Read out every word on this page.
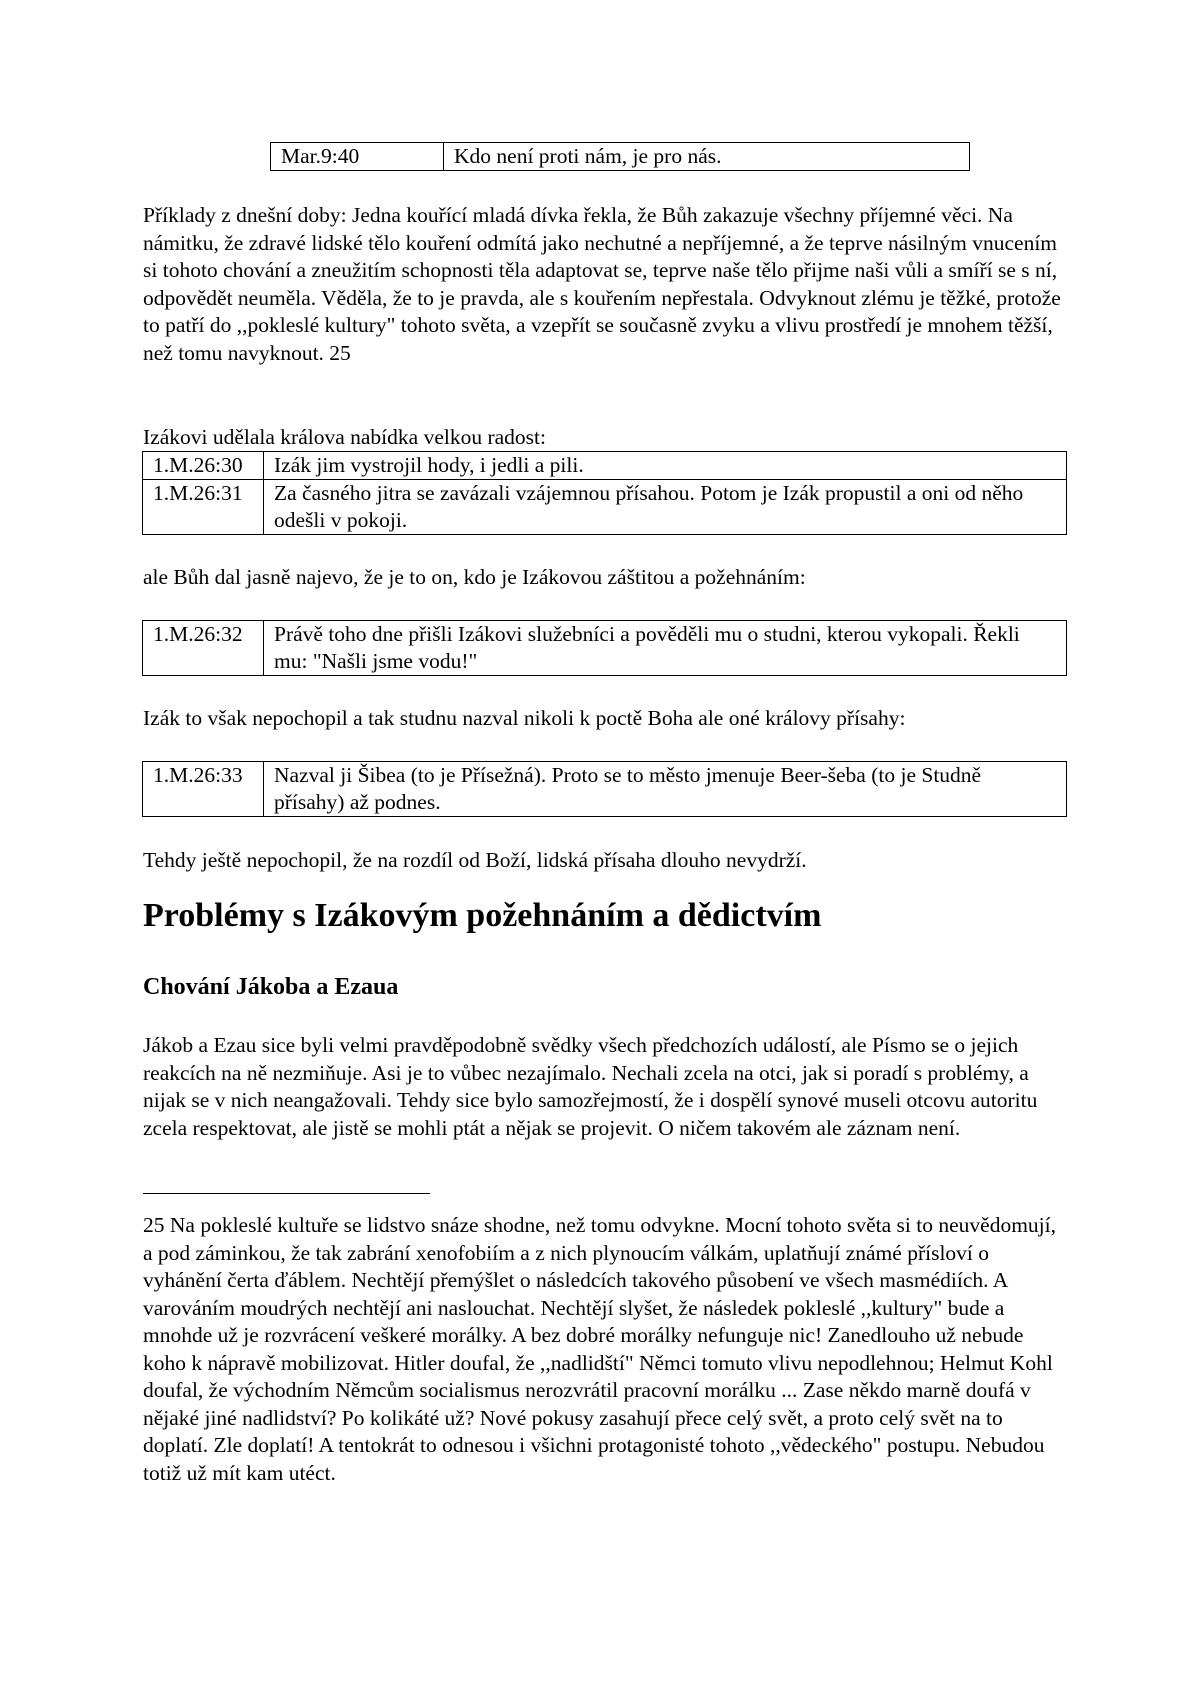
Mar.9:40	Kdo není proti nám, je pro nás.

Příklady z dnešní doby: Jedna kouřící mladá dívka řekla, že Bůh zakazuje všechny příjemné věci. Na námitku, že zdravé lidské tělo kouření odmítá jako nechutné a nepříjemné, a že teprve násilným vnucením si tohoto chování a zneužitím schopnosti těla adaptovat se, teprve naše tělo přijme naši vůli a smíří se s ní, odpovědět neuměla. Věděla, že to je pravda, ale s kouřením nepřestala. Odvyknout zlému je těžké, protože to patří do ,,pokleslé kultury" tohoto světa, a vzepřít se současně zvyku a vlivu prostředí je mnohem těžší, než tomu navyknout. 25

Izákovi udělala králova nabídka velkou radost:

1.M.26:30	Izák jim vystrojil hody, i jedli a pili.
1.M.26:31	Za časného jitra se zavázali vzájemnou přísahou. Potom je Izák propustil a oni od něho odešli v pokoji.

ale Bůh dal jasně najevo, že je to on, kdo je Izákovou záštitou a požehnáním:

1.M.26:32	Právě toho dne přišli Izákovi služebníci a pověděli mu o studni, kterou vykopali. Řekli mu: "Našli jsme vodu!"

Izák to však nepochopil a tak studnu nazval nikoli k poctě Boha ale oné královy přísahy:

1.M.26:33	Nazval ji Šibea (to je Přísežná). Proto se to město jmenuje Beer-šeba (to je Studně přísahy) až podnes.

Tehdy ještě nepochopil, že na rozdíl od Boží, lidská přísaha dlouho nevydrží.

Problémy s Izákovým požehnáním a dědictvím
Chování Jákoba a Ezaua

Jákob a Ezau sice byli velmi pravděpodobně svědky všech předchozích událostí, ale Písmo se o jejich reakcích na ně nezmiňuje. Asi je to vůbec nezajímalo. Nechali zcela na otci, jak si poradí s problémy, a nijak se v nich neangažovali. Tehdy sice bylo samozřejmostí, že i dospělí synové museli otcovu autoritu zcela respektovat, ale jistě se mohli ptát a nějak se projevit. O ničem takovém ale záznam není.

25 Na pokleslé kultuře se lidstvo snáze shodne, než tomu odvykne. Mocní tohoto světa si to neuvědomují, a pod záminkou, že tak zabrání xenofobiím a z nich plynoucím válkám, uplatňují známé přísloví o vyhánění čerta ďáblem. Nechtějí přemýšlet o následcích takového působení ve všech masmédiích. A varováním moudrých nechtějí ani naslouchat. Nechtějí slyšet, že následek pokleslé ,,kultury" bude a mnohde už je rozvrácení veškeré morálky. A bez dobré morálky nefunguje nic! Zanedlouho už nebude koho k nápravě mobilizovat. Hitler doufal, že ,,nadlidští" Němci tomuto vlivu nepodlehnou; Helmut Kohl doufal, že východním Němcům socialismus nerozvrátil pracovní morálku ... Zase někdo marně doufá v nějaké jiné nadlidství? Po kolikáté už? Nové pokusy zasahují přece celý svět, a proto celý svět na to doplatí. Zle doplatí! A tentokrát to odnesou i všichni protagonisté tohoto ,,vědeckého" postupu. Nebudou totiž už mít kam utéct.
